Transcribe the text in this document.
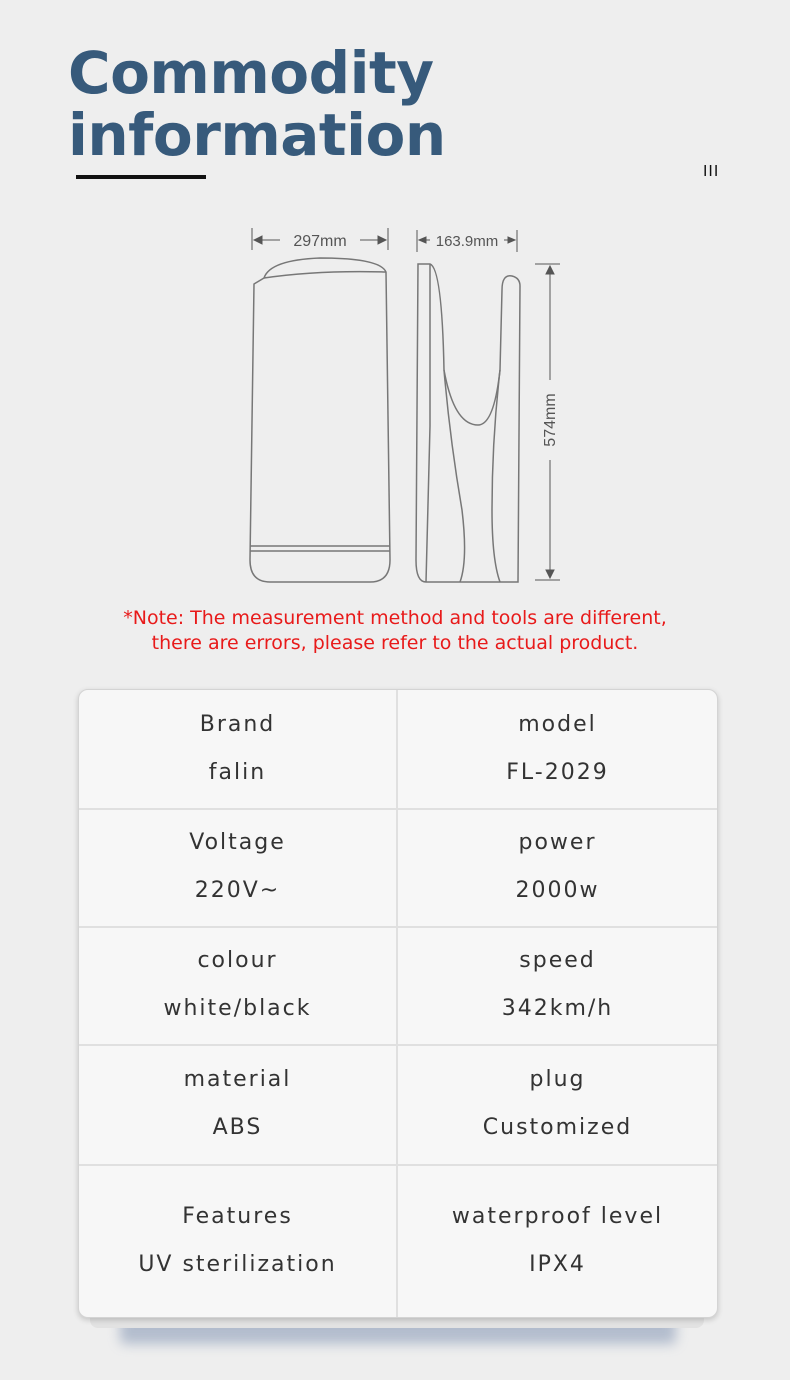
Commodity
information
III
297mm	163.9mm
574mm
*Note: The measurement method and tools are different,
there are errors, please refer to the actual product.
Brand
falin
model
FL-2029
Voltage
220V~
power
2000w
colour
white/black
speed
342km/h
material
ABS
plug
Customized
Features
UV sterilization
waterproof level
IPX4
